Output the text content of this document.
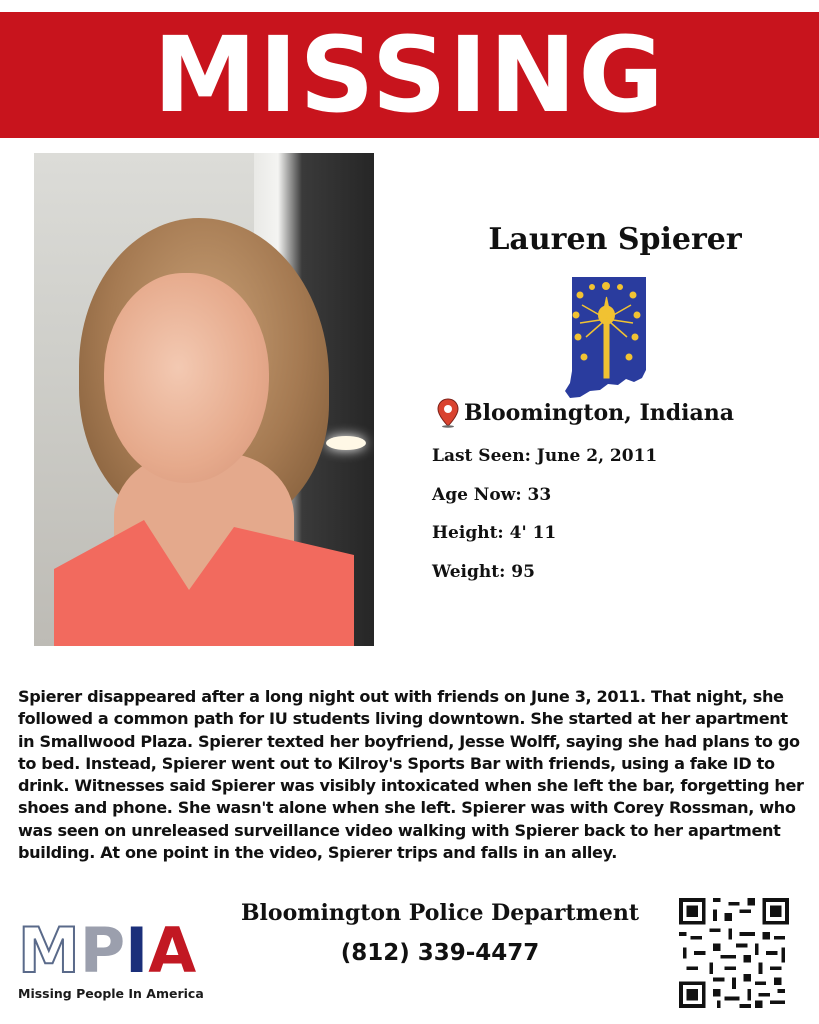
MISSING
Lauren Spierer
Bloomington, Indiana
Last Seen: June 2, 2011
Age Now: 33
Height: 4' 11
Weight: 95
Spierer disappeared after a long night out with friends on June 3, 2011. That night, she followed a common path for IU students living downtown. She started at her apartment in Smallwood Plaza. Spierer texted her boyfriend, Jesse Wolff, saying she had plans to go to bed. Instead, Spierer went out to Kilroy's Sports Bar with friends, using a fake ID to drink. Witnesses said Spierer was visibly intoxicated when she left the bar, forgetting her shoes and phone. She wasn't alone when she left. Spierer was with Corey Rossman, who was seen on unreleased surveillance video walking with Spierer back to her apartment building. At one point in the video, Spierer trips and falls in an alley.
M P I A
Missing People In America
Bloomington Police Department
(812) 339-4477
